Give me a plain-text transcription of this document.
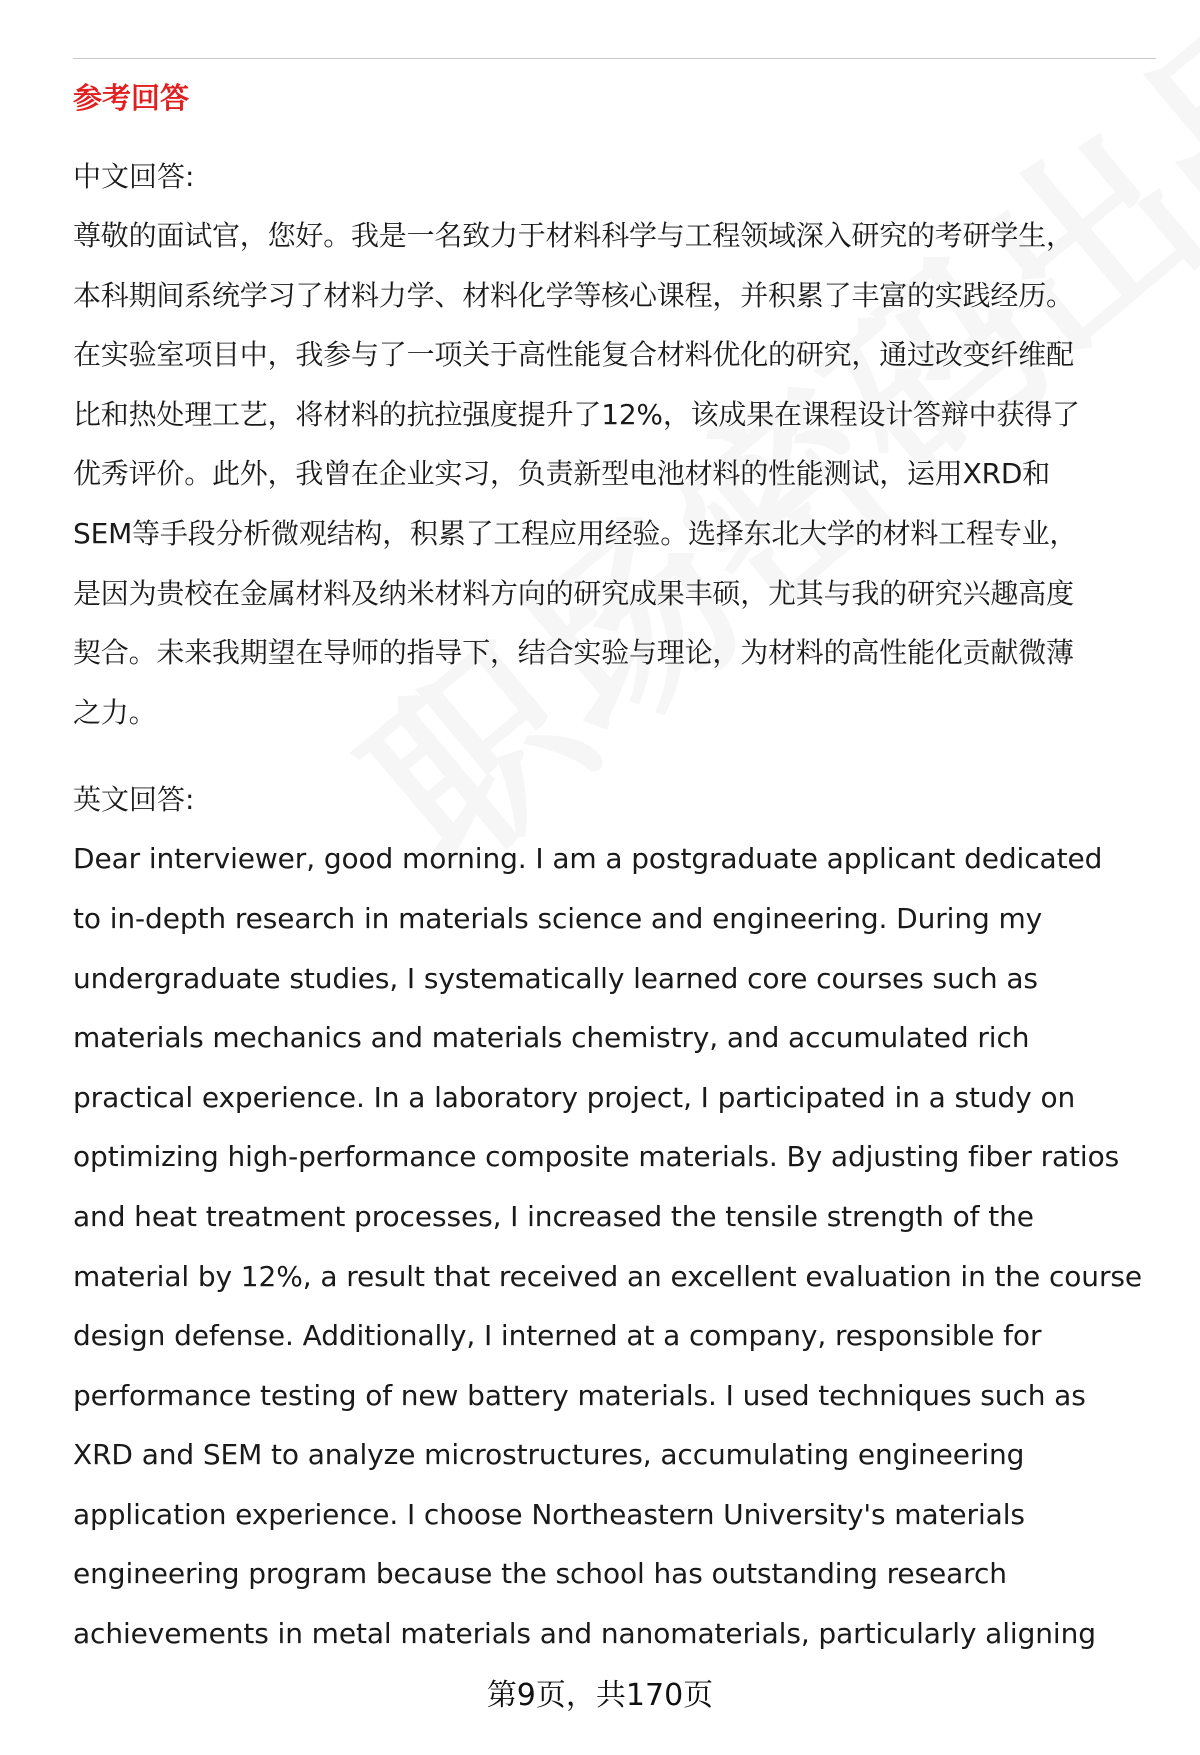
参考回答
中文回答:
尊敬的面试官，您好。我是一名致力于材料科学与工程领域深入研究的考研学生，
本科期间系统学习了材料力学、材料化学等核心课程，并积累了丰富的实践经历。
在实验室项目中，我参与了一项关于高性能复合材料优化的研究，通过改变纤维配
比和热处理工艺，将材料的抗拉强度提升了12%，该成果在课程设计答辩中获得了
优秀评价。此外，我曾在企业实习，负责新型电池材料的性能测试，运用XRD和
SEM等手段分析微观结构，积累了工程应用经验。选择东北大学的材料工程专业，
是因为贵校在金属材料及纳米材料方向的研究成果丰硕，尤其与我的研究兴趣高度
契合。未来我期望在导师的指导下，结合实验与理论，为材料的高性能化贡献微薄
之力。
英文回答:
Dear interviewer, good morning. I am a postgraduate applicant dedicated
to in-depth research in materials science and engineering. During my
undergraduate studies, I systematically learned core courses such as
materials mechanics and materials chemistry, and accumulated rich
practical experience. In a laboratory project, I participated in a study on
optimizing high-performance composite materials. By adjusting fiber ratios
and heat treatment processes, I increased the tensile strength of the
material by 12%, a result that received an excellent evaluation in the course
design defense. Additionally, I interned at a company, responsible for
performance testing of new battery materials. I used techniques such as
XRD and SEM to analyze microstructures, accumulating engineering
application experience. I choose Northeastern University's materials
engineering program because the school has outstanding research
achievements in metal materials and nanomaterials, particularly aligning
第9页，共170页
